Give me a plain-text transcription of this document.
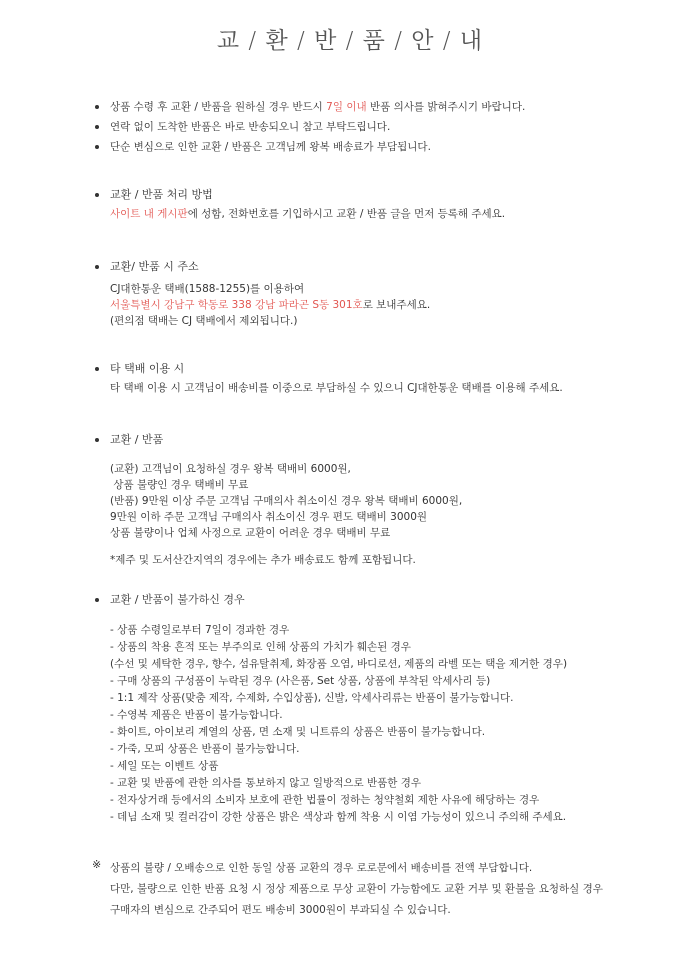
교 / 환 / 반 / 품 / 안 / 내
상품 수령 후 교환 / 반품을 원하실 경우 반드시 7일 이내 반품 의사를 밝혀주시기 바랍니다.
연락 없이 도착한 반품은 바로 반송되오니 참고 부탁드립니다.
단순 변심으로 인한 교환 / 반품은 고객님께 왕복 배송료가 부담됩니다.
교환 / 반품 처리 방법
사이트 내 게시판에 성함, 전화번호를 기입하시고 교환 / 반품 글을 먼저 등록해 주세요.
교환/ 반품 시 주소
CJ대한통운 택배(1588-1255)를 이용하여
서울특별시 강남구 학동로 338 강남 파라곤 S동 301호로 보내주세요.
(편의점 택배는 CJ 택배에서 제외됩니다.)
타 택배 이용 시
타 택배 이용 시 고객님이 배송비를 이중으로 부담하실 수 있으니 CJ대한통운 택배를 이용해 주세요.
교환 / 반품
(교환) 고객님이 요청하실 경우 왕복 택배비 6000원,
상품 불량인 경우 택배비 무료
(반품) 9만원 이상 주문 고객님 구매의사 취소이신 경우 왕복 택배비 6000원,
9만원 이하 주문 고객님 구매의사 취소이신 경우 편도 택배비 3000원
상품 불량이나 업체 사정으로 교환이 어려운 경우 택배비 무료
*제주 및 도서산간지역의 경우에는 추가 배송료도 함께 포함됩니다.
교환 / 반품이 불가하신 경우
- 상품 수령일로부터 7일이 경과한 경우
- 상품의 착용 흔적 또는 부주의로 인해 상품의 가치가 훼손된 경우
(수선 및 세탁한 경우, 향수, 섬유탈취제, 화장품 오염, 바디로션, 제품의 라벨 또는 택을 제거한 경우)
- 구매 상품의 구성품이 누락된 경우 (사은품, Set 상품, 상품에 부착된 악세사리 등)
- 1:1 제작 상품(맞춤 제작, 수제화, 수입상품), 신발, 악세사리류는 반품이 불가능합니다.
- 수영복 제품은 반품이 불가능합니다.
- 화이트, 아이보리 계열의 상품, 면 소재 및 니트류의 상품은 반품이 불가능합니다.
- 가죽, 모피 상품은 반품이 불가능합니다.
- 세일 또는 이벤트 상품
- 교환 및 반품에 관한 의사를 통보하지 않고 일방적으로 반품한 경우
- 전자상거래 등에서의 소비자 보호에 관한 법률이 정하는 청약철회 제한 사유에 해당하는 경우
- 데님 소재 및 컬러감이 강한 상품은 밝은 색상과 함께 착용 시 이염 가능성이 있으니 주의해 주세요.
※ 상품의 불량 / 오배송으로 인한 동일 상품 교환의 경우 로로문에서 배송비를 전액 부담합니다.
다만, 불량으로 인한 반품 요청 시 정상 제품으로 무상 교환이 가능함에도 교환 거부 및 환불을 요청하실 경우
구매자의 변심으로 간주되어 편도 배송비 3000원이 부과되실 수 있습니다.
